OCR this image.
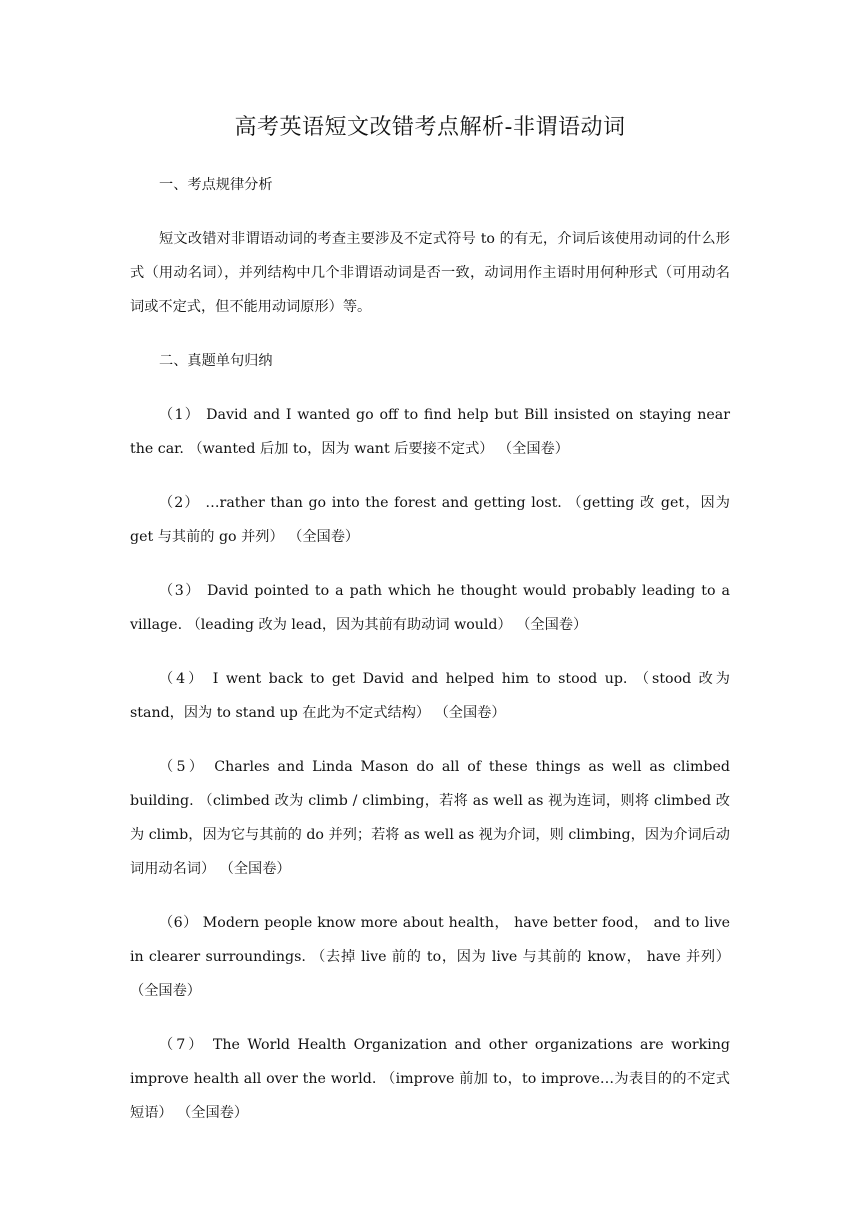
高考英语短文改错考点解析-非谓语动词

一、考点规律分析

短文改错对非谓语动词的考查主要涉及不定式符号 to 的有无，介词后该使用动词的什么形式（用动名词），并列结构中几个非谓语动词是否一致，动词用作主语时用何种形式（可用动名词或不定式，但不能用动词原形）等。

二、真题单句归纳

（1） David and I wanted go off to find help but Bill insisted on staying near the car. （wanted 后加 to，因为 want 后要接不定式） （全国卷）

（2） …rather than go into the forest and getting lost. （getting 改 get，因为 get 与其前的 go 并列） （全国卷）

（3） David pointed to a path which he thought would probably leading to a village. （leading 改为 lead，因为其前有助动词 would） （全国卷）

（4） I went back to get David and helped him to stood up. （stood 改为 stand，因为 to stand up 在此为不定式结构） （全国卷）

（5） Charles and Linda Mason do all of these things as well as climbed building. （climbed 改为 climb / climbing，若将 as well as 视为连词，则将 climbed 改为 climb，因为它与其前的 do 并列；若将 as well as 视为介词，则 climbing，因为介词后动词用动名词） （全国卷）

（6） Modern people know more about health， have better food， and to live in clearer surroundings. （去掉 live 前的 to，因为 live 与其前的 know， have 并列） （全国卷）

（7） The World Health Organization and other organizations are working improve health all over the world. （improve 前加 to，to improve…为表目的的不定式短语） （全国卷）
